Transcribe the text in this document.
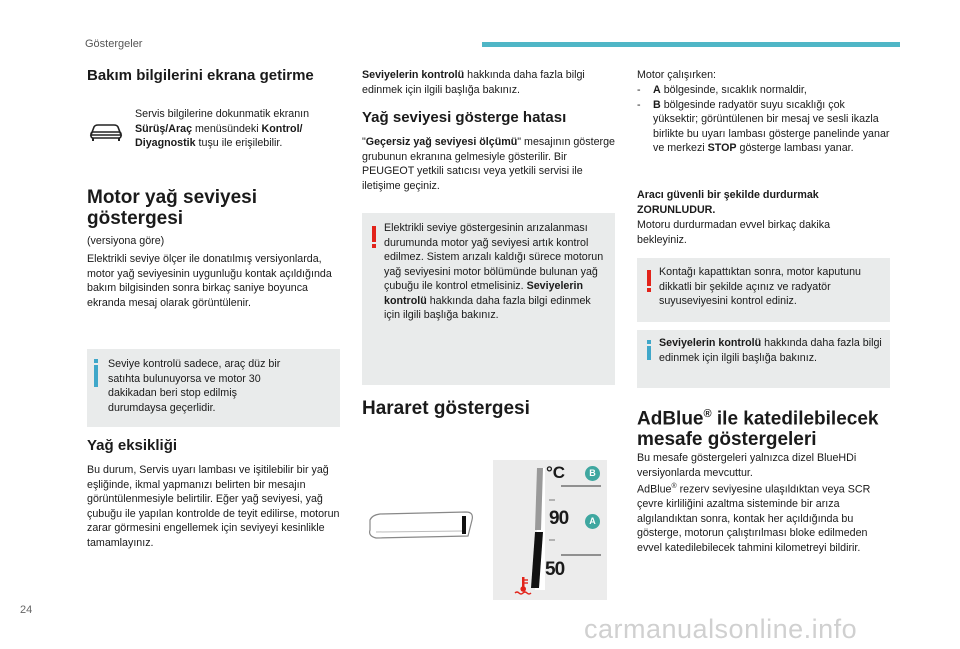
Göstergeler
Bakım bilgilerini ekrana getirme
Servis bilgilerine dokunmatik ekranın Sürüş/Araç menüsündeki Kontrol/ Diyagnostik tuşu ile erişilebilir.
Motor yağ seviyesi göstergesi
(versiyona göre)
Elektrikli seviye ölçer ile donatılmış versiyonlarda, motor yağ seviyesinin uygunluğu kontak açıldığında bakım bilgisinden sonra birkaç saniye boyunca ekranda mesaj olarak görüntülenir.
Seviye kontrolü sadece, araç düz bir satıhta bulunuyorsa ve motor 30 dakikadan beri stop edilmiş durumdaysa geçerlidir.
Yağ eksikliği
Bu durum, Servis uyarı lambası ve işitilebilir bir yağ eşliğinde, ikmal yapmanızı belirten bir mesajın görüntülenmesiyle belirtilir. Eğer yağ seviyesi, yağ çubuğu ile yapılan kontrolde de teyit edilirse, motorun zarar görmesini engellemek için seviyeyi kesinlikle tamamlayınız.
Seviyelerin kontrolü hakkında daha fazla bilgi edinmek için ilgili başlığa bakınız.
Yağ seviyesi gösterge hatası
"Geçersiz yağ seviyesi ölçümü" mesajının gösterge grubunun ekranına gelmesiyle gösterilir. Bir PEUGEOT yetkili satıcısı veya yetkili servisi ile iletişime geçiniz.
Elektrikli seviye göstergesinin arızalanması durumunda motor yağ seviyesi artık kontrol edilmez. Sistem arızalı kaldığı sürece motorun yağ seviyesini motor bölümünde bulunan yağ çubuğu ile kontrol etmelisiniz. Seviyelerin kontrolü hakkında daha fazla bilgi edinmek için ilgili başlığa bakınız.
Hararet göstergesi
°C	B
90	A
50
Motor çalışırken:
- A bölgesinde, sıcaklık normaldir,
- B bölgesinde radyatör suyu sıcaklığı çok yüksektir; görüntülenen bir mesaj ve sesli ikazla birlikte bu uyarı lambası gösterge panelinde yanar ve merkezi STOP gösterge lambası yanar.
Aracı güvenli bir şekilde durdurmak ZORUNLUDUR.
Motoru durdurmadan evvel birkaç dakika bekleyiniz.
Kontağı kapattıktan sonra, motor kaputunu dikkatli bir şekilde açınız ve radyatör suyuseviyesini kontrol ediniz.
Seviyelerin kontrolü hakkında daha fazla bilgi edinmek için ilgili başlığa bakınız.
AdBlue® ile katedilebilecek mesafe göstergeleri
Bu mesafe göstergeleri yalnızca dizel BlueHDi versiyonlarda mevcuttur.
AdBlue® rezerv seviyesine ulaşıldıktan veya SCR çevre kirliliğini azaltma sisteminde bir arıza algılandıktan sonra, kontak her açıldığında bu gösterge, motorun çalıştırılması bloke edilmeden evvel katedilebilecek tahmini kilometreyi bildirir.
24
carmanualsonline.info
